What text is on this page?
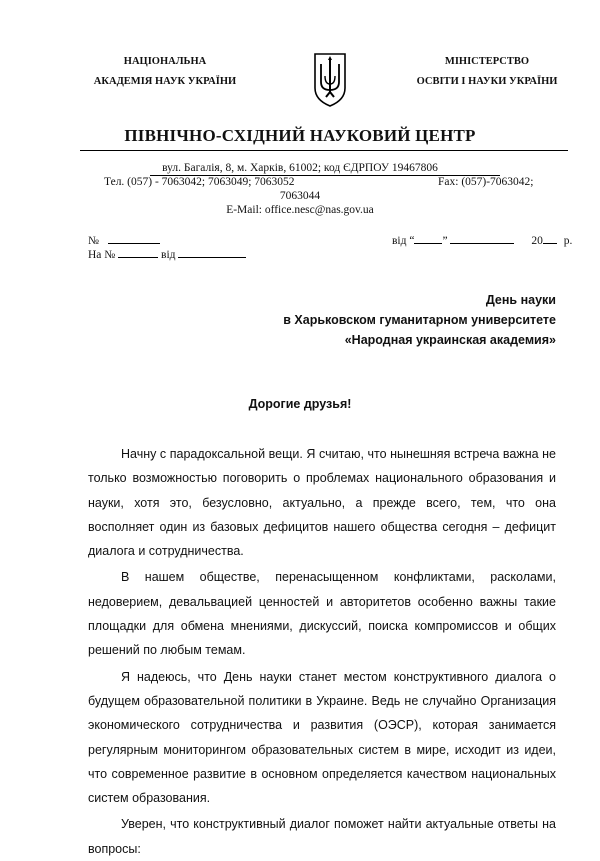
НАЦІОНАЛЬНА
АКАДЕМІЯ НАУК УКРАЇНИ
МІНІСТЕРСТВО
ОСВІТИ І НАУКИ УКРАЇНИ
ПІВНІЧНО-СХІДНИЙ НАУКОВИЙ ЦЕНТР
вул. Багалія, 8, м. Харків, 61002; код ЄДРПОУ 19467806
Тел. (057) - 7063042; 7063049; 7063052	Fax: (057)-7063042;
7063044
E-Mail: office.nesc@nas.gov.ua
№
На №	від
від “ ”	20 р.
День науки
в Харьковском гуманитарном университете
«Народная украинская академия»
Дорогие друзья!

Начну с парадоксальной вещи. Я считаю, что нынешняя встреча важна не только возможностью поговорить о проблемах национального образования и науки, хотя это, безусловно, актуально, а прежде всего, тем, что она восполняет один из базовых дефицитов нашего общества сегодня – дефицит диалога и сотрудничества.

В нашем обществе, перенасыщенном конфликтами, расколами, недоверием, девальвацией ценностей и авторитетов особенно важны такие площадки для обмена мнениями, дискуссий, поиска компромиссов и общих решений по любым темам.

Я надеюсь, что День науки станет местом конструктивного диалога о будущем образовательной политики в Украине. Ведь не случайно Организация экономического сотрудничества и развития (ОЭСР), которая занимается регулярным мониторингом образовательных систем в мире, исходит из идеи, что современное развитие в основном определяется качеством национальных систем образования.

Уверен, что конструктивный диалог поможет найти актуальные ответы на вопросы:
